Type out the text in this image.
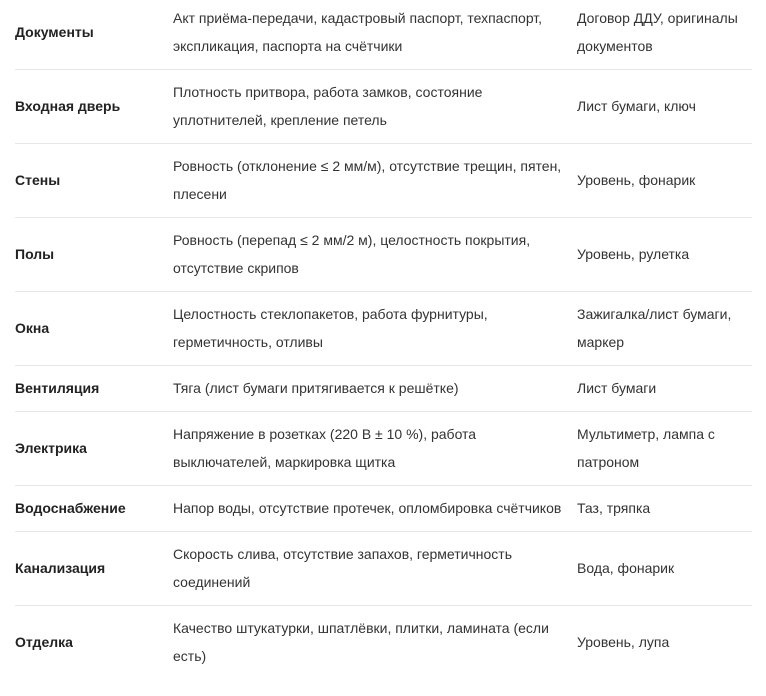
Документы	Акт приёма-передачи, кадастровый паспорт, техпаспорт, экспликация, паспорта на счётчики	Договор ДДУ, оригиналы документов
Входная дверь	Плотность притвора, работа замков, состояние уплотнителей, крепление петель	Лист бумаги, ключ
Стены	Ровность (отклонение ≤ 2 мм/м), отсутствие трещин, пятен, плесени	Уровень, фонарик
Полы	Ровность (перепад ≤ 2 мм/2 м), целостность покрытия, отсутствие скрипов	Уровень, рулетка
Окна	Целостность стеклопакетов, работа фурнитуры, герметичность, отливы	Зажигалка/лист бумаги, маркер
Вентиляция	Тяга (лист бумаги притягивается к решётке)	Лист бумаги
Электрика	Напряжение в розетках (220 В ± 10 %), работа выключателей, маркировка щитка	Мультиметр, лампа с патроном
Водоснабжение	Напор воды, отсутствие протечек, опломбировка счётчиков	Таз, тряпка
Канализация	Скорость слива, отсутствие запахов, герметичность соединений	Вода, фонарик
Отделка	Качество штукатурки, шпатлёвки, плитки, ламината (если есть)	Уровень, лупа
